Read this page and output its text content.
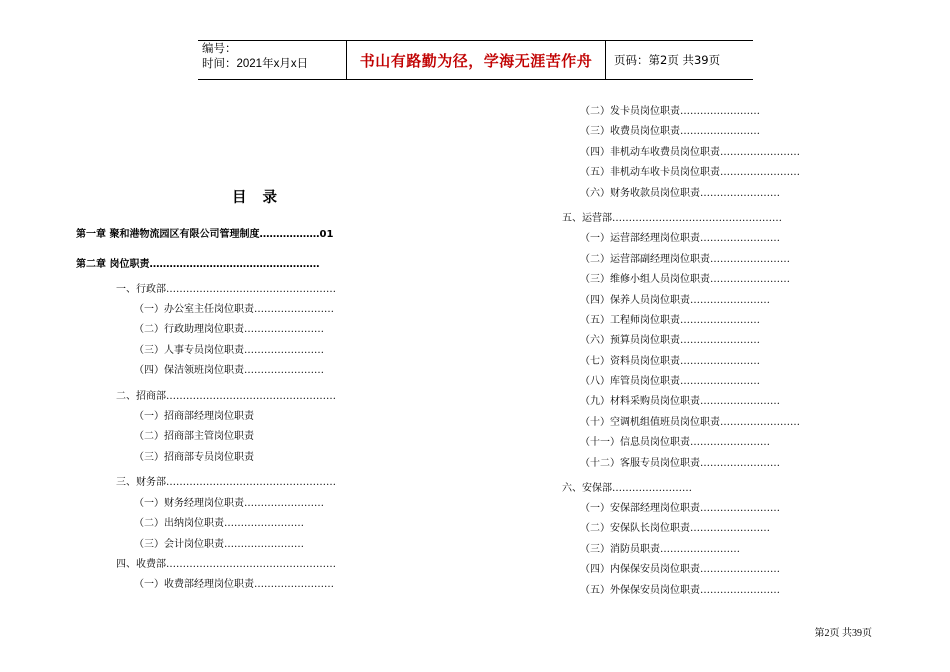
编号：
时间：2021年x月x日	书山有路勤为径，学海无涯苦作舟	页码：第2页 共39页
目录
第一章 聚和港物流园区有限公司管理制度………………01
第二章 岗位职责……………………………………………
一、行政部……………………………………………
（一）办公室主任岗位职责……………………
（二）行政助理岗位职责……………………
（三）人事专员岗位职责……………………
（四）保洁领班岗位职责……………………
二、招商部……………………………………………
（一）招商部经理岗位职责
（二）招商部主管岗位职责
（三）招商部专员岗位职责
三、财务部……………………………………………
（一）财务经理岗位职责……………………
（二）出纳岗位职责……………………
（三）会计岗位职责……………………
四、收费部……………………………………………
（一）收费部经理岗位职责……………………
（二）发卡员岗位职责……………………
（三）收费员岗位职责……………………
（四）非机动车收费员岗位职责……………………
（五）非机动车收卡员岗位职责……………………
（六）财务收款员岗位职责……………………
五、运营部……………………………………………
（一）运营部经理岗位职责……………………
（二）运营部副经理岗位职责……………………
（三）维修小组人员岗位职责……………………
（四）保养人员岗位职责……………………
（五）工程师岗位职责……………………
（六）预算员岗位职责……………………
（七）资料员岗位职责……………………
（八）库管员岗位职责……………………
（九）材料采购员岗位职责……………………
（十）空调机组值班员岗位职责……………………
（十一）信息员岗位职责……………………
（十二）客服专员岗位职责……………………
六、安保部……………………
（一）安保部经理岗位职责……………………
（二）安保队长岗位职责……………………
（三）消防员职责……………………
（四）内保保安员岗位职责……………………
（五）外保保安员岗位职责……………………
第2页 共39页
